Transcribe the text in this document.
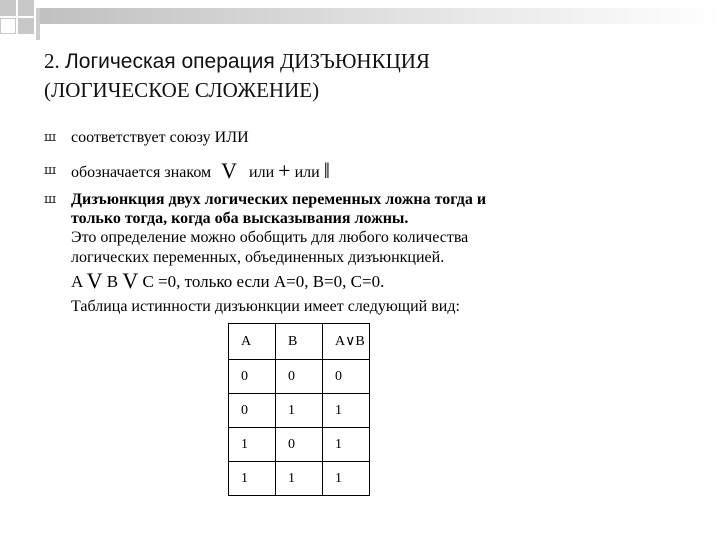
2. Логическая операция ДИЗЪЮНКЦИЯ
(ЛОГИЧЕСКОЕ СЛОЖЕНИЕ)
ш соответствует союзу ИЛИ
ш обозначается знаком V или + или ‖
ш Дизъюнкция двух логических переменных ложна тогда и
только тогда, когда оба высказывания ложны.
Это определение можно обобщить для любого количества
логических переменных, объединенных дизъюнкцией.
A V B V C =0, только если A=0, B=0, C=0.
Таблица истинности дизъюнкции имеет следующий вид:
A	B	A∨B
0	0	0
0	1	1
1	0	1
1	1	1
